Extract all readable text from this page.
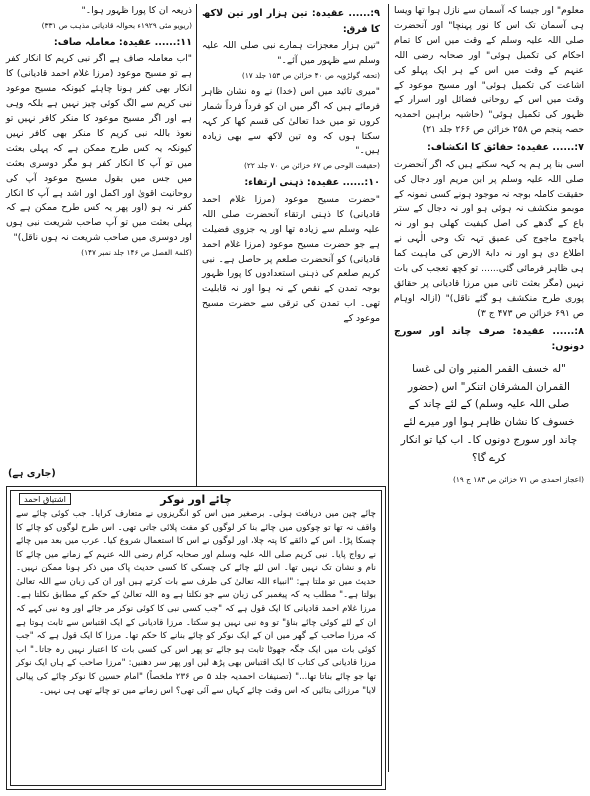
معلوم" اور جیسا کہ آسمان سے نازل ہوا تھا ویسا ہی آسمان تک اس کا نور پہنچا" اور آنحضرت صلی اللہ علیہ وسلم کے وقت میں اس کا تمام احکام کی تکمیل ہوئی" اور صحابہ رضی اللہ عنہم کے وقت میں اس کے ہر ایک پہلو کی اشاعت کی تکمیل ہوئی" اور مسیح موعود کے وقت میں اس کے روحانی فضائل اور اسرار کے ظہور کی تکمیل ہوئی" (حاشیہ براہین احمدیہ حصہ پنجم ص ۲۵۸ خزائن ص ۲۶۶ جلد ۲۱)

۷:...... عقیدہ: حقائق کا انکشاف:

اسی بنا پر ہم یہ کہہ سکتے ہیں کہ اگر آنحضرت صلی اللہ علیہ وسلم پر ابن مریم اور دجال کی حقیقت کاملہ بوجہ نہ موجود ہونے کسی نمونہ کے موبمو منکشف نہ ہوئی ہو اور نہ دجال کے ستر باع کے گدھے کی اصل کیفیت کھلی ہو اور نہ یاجوج ماجوج کی عمیق تہہ تک وحی الٰہی نے اطلاع دی ہو اور نہ دابۃ الارض کی ماہیت کما ہی ظاہر فرمائی گئی...... تو کچھ تعجب کی بات نہیں (مگر بعثت ثانی میں مرزا قادیانی پر حقائق پوری طرح منکشف ہو گئے ناقل)" (ازالہ اوہام ص ۶۹۱ خزائن ص ۴۷۳ ج ۳)

۸:...... عقیدہ: صرف چاند اور سورج دونوں:

"له خسف القمر المنير وان لی غسا القمران المشرقان اتنکر" اس (حضور صلی اللہ علیہ وسلم) کے لئے چاند کے خسوف کا نشان ظاہر ہوا اور میرے لئے چاند اور سورج دونوں کا۔ اب کیا تو انکار کرے گا؟

(اعجاز احمدی ص ۷۱ خزائن ص ۱۸۳ ج ۱۹)

۹:...... عقیدہ: تین ہزار اور تین لاکھ کا فرق:

"تین ہزار معجزات ہمارے نبی صلی اللہ علیہ وسلم سے ظہور میں آئے۔"

(تحفہ گولڑویہ ص ۴۰ خزائن ص ۱۵۳ جلد ۱۷)

"میری تائید میں اس (خدا) نے وہ نشان ظاہر فرمائے ہیں کہ اگر میں ان کو فرداً فرداً شمار کروں تو میں خدا تعالیٰ کی قسم کھا کر کہہ سکتا ہوں کہ وہ تین لاکھ سے بھی زیادہ ہیں۔"

(حقیقت الوحی ص ۶۷ خزائن ص ۷۰ جلد ۲۲)

۱۰:...... عقیدہ: ذہنی ارتقاء:

"حضرت مسیح موعود (مرزا غلام احمد قادیانی) کا ذہنی ارتقاء آنحضرت صلی اللہ علیہ وسلم سے زیادہ تھا اور یہ جزوی فضیلت ہے جو حضرت مسیح موعود (مرزا غلام احمد قادیانی) کو آنحضرت صلعم پر حاصل ہے۔ نبی کریم صلعم کی ذہنی استعدادوں کا پورا ظہور بوجہ تمدن کے نقص کے نہ ہوا اور نہ قابلیت تھی۔ اب تمدن کی ترقی سے حضرت مسیح موعود کے

ذریعہ ان کا پورا ظہور ہوا۔"

(ریویو مئی ۱۹۲۹ء بحوالہ قادیانی مذہب ص ۳۳۱)

۱۱:...... عقیدہ: معاملہ صاف:

"اب معاملہ صاف ہے اگر نبی کریم کا انکار کفر ہے تو مسیح موعود (مرزا غلام احمد قادیانی) کا انکار بھی کفر ہونا چاہئے کیونکہ مسیح موعود نبی کریم سے الگ کوئی چیز نہیں ہے بلکہ وہی ہے اور اگر مسیح موعود کا منکر کافر نہیں تو نعوذ باللہ نبی کریم کا منکر بھی کافر نہیں کیونکہ یہ کس طرح ممکن ہے کہ پہلی بعثت میں تو آپ کا انکار کفر ہو مگر دوسری بعثت میں جس میں بقول مسیح موعود آپ کی روحانیت اقویٰ اور اکمل اور اشد ہے آپ کا انکار کفر نہ ہو (اور پھر یہ کس طرح ممکن ہے کہ پہلی بعثت میں تو آپ صاحب شریعت نبی ہوں اور دوسری میں صاحب شریعت نہ ہوں ناقل)"

(کلمۃ الفصل ص ۱۴۶ جلد نمبر ۱۴۷)

(جاری ہے)
چائے اور نوکر
اشتیاق احمد

چائے چین میں دریافت ہوئی۔ برصغیر میں اس کو انگریزوں نے متعارف کرایا۔ جب کوئی چائے سے واقف نہ تھا تو چوکوں میں چائے بنا کر لوگوں کو مفت پلائی جاتی تھی۔ اس طرح لوگوں کو چائے کا چسکا پڑا۔ اس کے ذائقے کا پتہ چلا، اور لوگوں نے اس کا استعمال شروع کیا۔ عرب میں بعد میں چائے نے رواج پایا۔ نبی کریم صلی اللہ علیہ وسلم اور صحابہ کرام رضی اللہ عنہم کے زمانے میں چائے کا نام و نشان تک نہیں تھا۔ اس لئے چائے کی چسکی کا کسی حدیث پاک میں ذکر ہونا ممکن نہیں۔ حدیث میں تو ملتا ہے: "انبیاء اللہ تعالیٰ کی طرف سے بات کرتے ہیں اور ان کی زبان سے اللہ تعالیٰ بولتا ہے۔" مطلب یہ کہ پیغمبر کی زبان سے جو نکلتا ہے وہ اللہ تعالیٰ کے حکم کے مطابق نکلتا ہے۔ مرزا غلام احمد قادیانی کا ایک قول ہے کہ "جب کسی نبی کا کوئی نوکر مر جائے اور وہ نبی کہے کہ ان کے لئے کوئی چائے بناؤ" تو وہ نبی نہیں ہو سکتا۔ مرزا قادیانی کے ایک اقتباس سے ثابت ہوتا ہے کہ مرزا صاحب کے گھر میں ان کے ایک نوکر کو چائے بنانے کا حکم تھا۔ مرزا کا ایک قول ہے کہ "جب کوئی بات میں ایک جگہ جھوٹا ثابت ہو جائے تو پھر اس کی کسی بات کا اعتبار نہیں رہ جاتا۔" اب مرزا قادیانی کی کتاب کا ایک اقتباس بھی پڑھ لیں اور پھر سر دھنیں: "مرزا صاحب کے ہاں ایک نوکر تھا جو چائے بناتا تھا..." (تصنیفات احمدیہ جلد ۵ ص ۲۳۶ ملخصاً) "امام حسین کا نوکر چائے کی پیالی لایا" مرزائی بتائیں کہ اس وقت چائے کہاں سے آئی تھی؟ اس زمانے میں تو چائے تھی ہی نہیں۔
